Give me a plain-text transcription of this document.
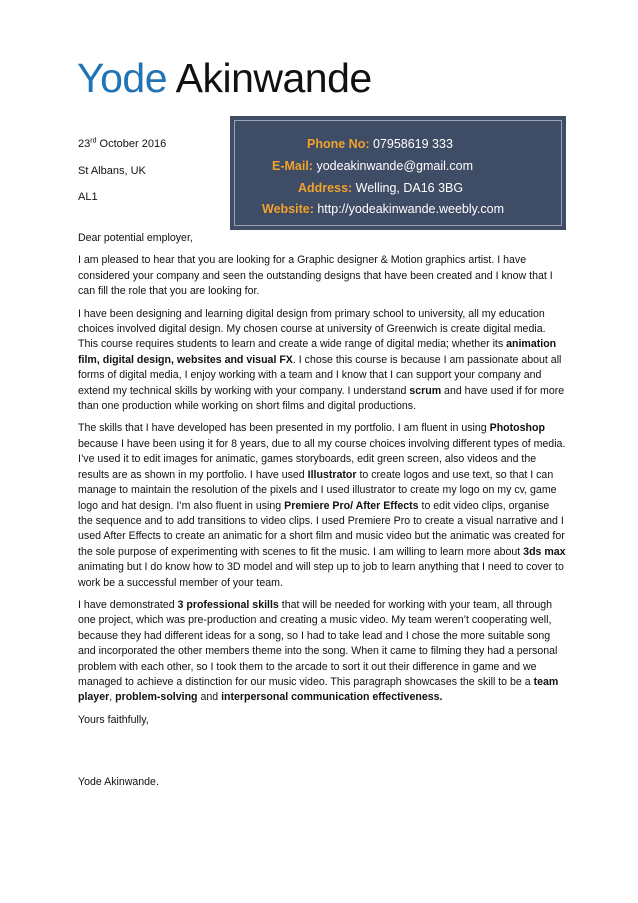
Yode Akinwande
23rd October 2016
St Albans, UK
AL1
Phone No: 07958619 333
E-Mail: yodeakinwande@gmail.com
Address: Welling, DA16 3BG
Website: http://yodeakinwande.weebly.com

Dear potential employer,

I am pleased to hear that you are looking for a Graphic designer & Motion graphics artist. I have considered your company and seen the outstanding designs that have been created and I know that I can fill the role that you are looking for.

I have been designing and learning digital design from primary school to university, all my education choices involved digital design. My chosen course at university of Greenwich is create digital media. This course requires students to learn and create a wide range of digital media; whether its animation film, digital design, websites and visual FX. I chose this course is because I am passionate about all forms of digital media, I enjoy working with a team and I know that I can support your company and extend my technical skills by working with your company. I understand scrum and have used if for more than one production while working on short films and digital productions.

The skills that I have developed has been presented in my portfolio. I am fluent in using Photoshop because I have been using it for 8 years, due to all my course choices involving different types of media. I’ve used it to edit images for animatic, games storyboards, edit green screen, also videos and the results are as shown in my portfolio. I have used Illustrator to create logos and use text, so that I can manage to maintain the resolution of the pixels and I used illustrator to create my logo on my cv, game logo and hat design. I’m also fluent in using Premiere Pro/ After Effects to edit video clips, organise the sequence and to add transitions to video clips. I used Premiere Pro to create a visual narrative and I used After Effects to create an animatic for a short film and music video but the animatic was created for the sole purpose of experimenting with scenes to fit the music. I am willing to learn more about 3ds max animating but I do know how to 3D model and will step up to job to learn anything that I need to cover to work be a successful member of your team.

I have demonstrated 3 professional skills that will be needed for working with your team, all through one project, which was pre-production and creating a music video. My team weren’t cooperating well, because they had different ideas for a song, so I had to take lead and I chose the more suitable song and incorporated the other members theme into the song. When it came to filming they had a personal problem with each other, so I took them to the arcade to sort it out their difference in game and we managed to achieve a distinction for our music video. This paragraph showcases the skill to be a team player, problem-solving and interpersonal communication effectiveness.

Yours faithfully,

Yode Akinwande.
